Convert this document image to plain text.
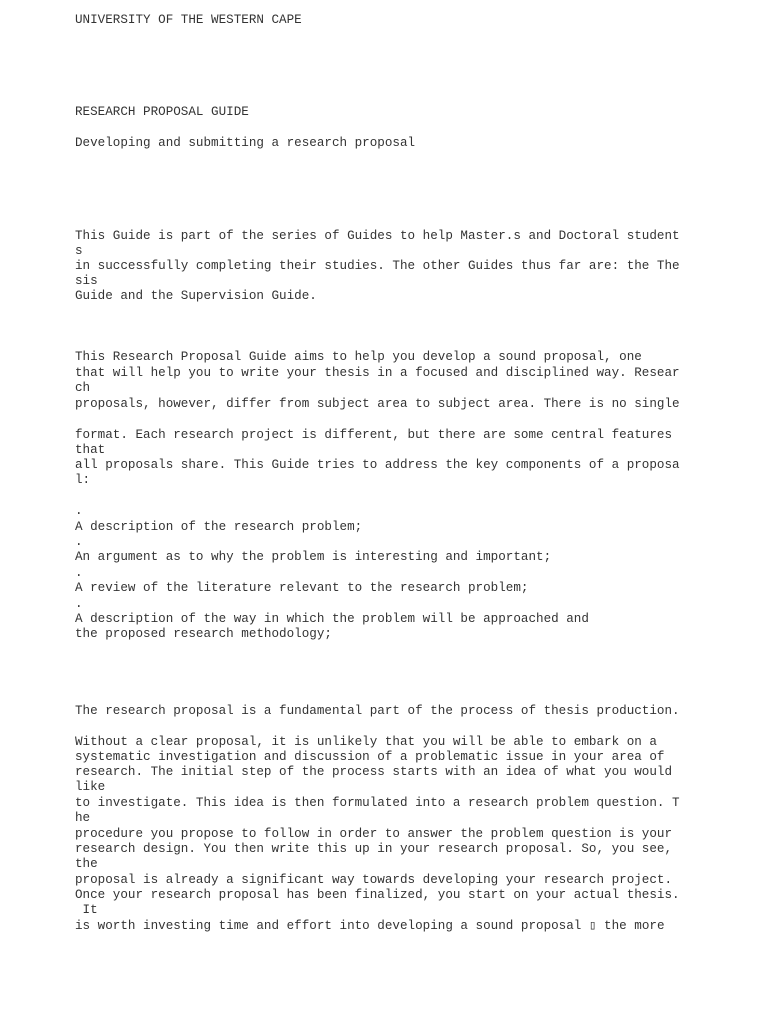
UNIVERSITY OF THE WESTERN CAPE

RESEARCH PROPOSAL GUIDE

Developing and submitting a research proposal

This Guide is part of the series of Guides to help Master.s and Doctoral student

s

in successfully completing their studies. The other Guides thus far are: the The

sis

Guide and the Supervision Guide.

This Research Proposal Guide aims to help you develop a sound proposal, one

that will help you to write your thesis in a focused and disciplined way. Resear

ch

proposals, however, differ from subject area to subject area. There is no single

format. Each research project is different, but there are some central features

that

all proposals share. This Guide tries to address the key components of a proposa

l:

.

A description of the research problem;

.

An argument as to why the problem is interesting and important;

.

A review of the literature relevant to the research problem;

.

A description of the way in which the problem will be approached and

the proposed research methodology;

The research proposal is a fundamental part of the process of thesis production.

Without a clear proposal, it is unlikely that you will be able to embark on a

systematic investigation and discussion of a problematic issue in your area of

research. The initial step of the process starts with an idea of what you would

like

to investigate. This idea is then formulated into a research problem question. T

he

procedure you propose to follow in order to answer the problem question is your

research design. You then write this up in your research proposal. So, you see,

the

proposal is already a significant way towards developing your research project.

Once your research proposal has been finalized, you start on your actual thesis.

It

is worth investing time and effort into developing a sound proposal ▯ the more
